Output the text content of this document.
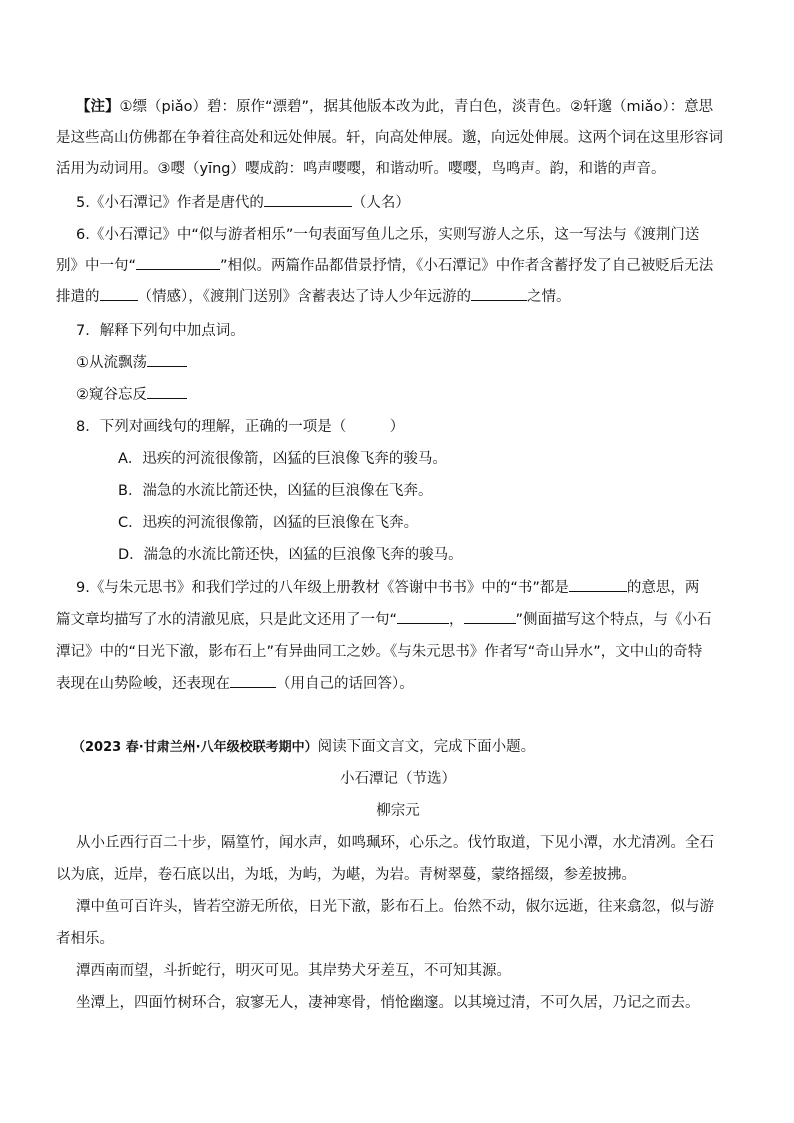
【注】①缥（piǎo）碧：原作“漂碧”，据其他版本改为此，青白色，淡青色。②轩邈（miǎo）：意思
是这些高山仿佛都在争着往高处和远处伸展。轩，向高处伸展。邈，向远处伸展。这两个词在这里形容词
活用为动词用。③嘤（yīng）嘤成韵：鸣声嘤嘤，和谐动听。嘤嘤，鸟鸣声。韵，和谐的声音。
5.《小石潭记》作者是唐代的	（人名）
6.《小石潭记》中“似与游者相乐”一句表面写鱼儿之乐，实则写游人之乐，这一写法与《渡荆门送
别》中一句“	”相似。两篇作品都借景抒情，《小石潭记》中作者含蓄抒发了自己被贬后无法
排遣的	（情感），《渡荆门送别》含蓄表达了诗人少年远游的	之情。
7．解释下列句中加点词。
①从流飘荡
②窥谷忘反
8．下列对画线句的理解，正确的一项是（　　　）
A．迅疾的河流很像箭，凶猛的巨浪像飞奔的骏马。
B．湍急的水流比箭还快，凶猛的巨浪像在飞奔。
C．迅疾的河流很像箭，凶猛的巨浪像在飞奔。
D．湍急的水流比箭还快，凶猛的巨浪像飞奔的骏马。
9.《与朱元思书》和我们学过的八年级上册教材《答谢中书书》中的“书”都是	的意思，两
篇文章均描写了水的清澈见底，只是此文还用了一句“	，	”侧面描写这个特点，与《小石
潭记》中的“日光下澈，影布石上”有异曲同工之妙。《与朱元思书》作者写“奇山异水”，文中山的奇特
表现在山势险峻，还表现在	（用自己的话回答）。
（2023 春·甘肃兰州·八年级校联考期中）阅读下面文言文，完成下面小题。
小石潭记（节选）
柳宗元
从小丘西行百二十步，隔篁竹，闻水声，如鸣珮环，心乐之。伐竹取道，下见小潭，水尤清冽。全石
以为底，近岸，卷石底以出，为坻，为屿，为嵁，为岩。青树翠蔓，蒙络摇缀，参差披拂。
潭中鱼可百许头，皆若空游无所依，日光下澈，影布石上。佁然不动，俶尔远逝，往来翕忽，似与游
者相乐。
潭西南而望，斗折蛇行，明灭可见。其岸势犬牙差互，不可知其源。
坐潭上，四面竹树环合，寂寥无人，凄神寒骨，悄怆幽邃。以其境过清，不可久居，乃记之而去。
